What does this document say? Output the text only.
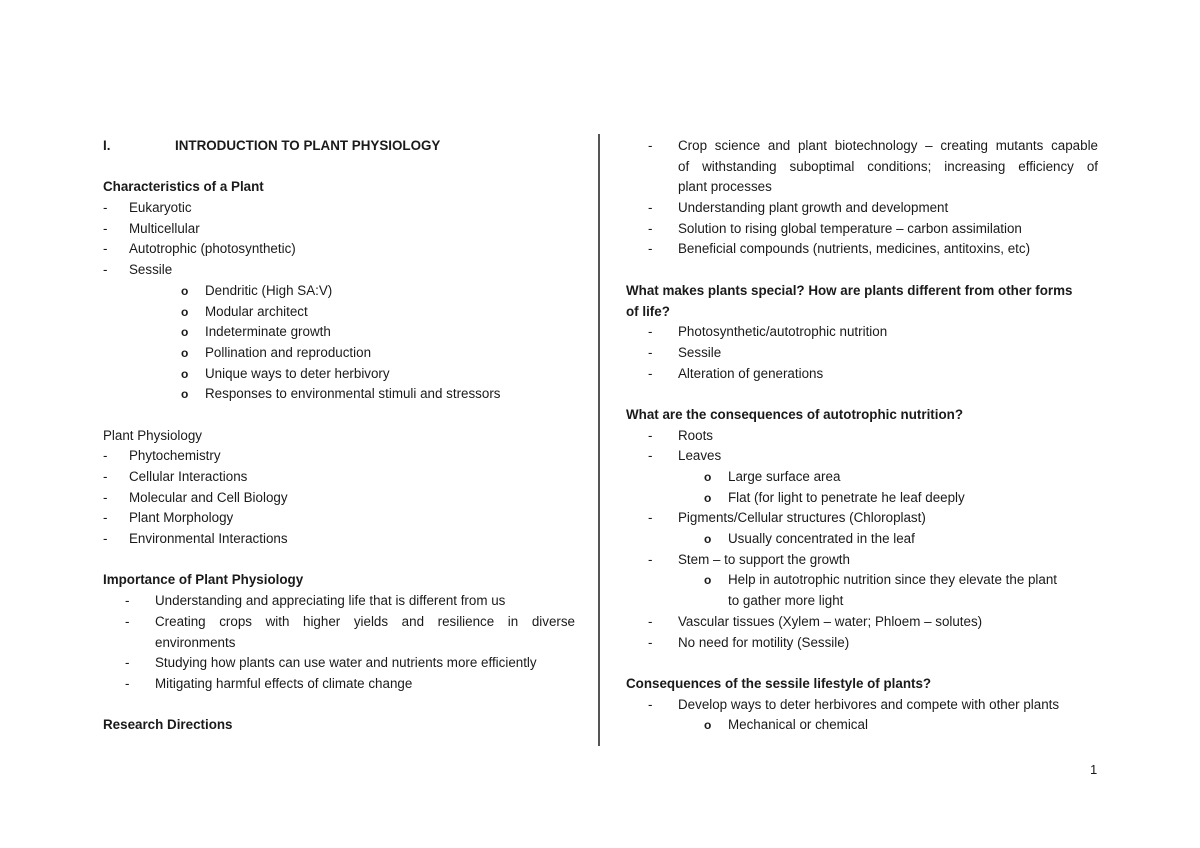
I.	INTRODUCTION TO PLANT PHYSIOLOGY
Characteristics of a Plant
-	Eukaryotic
-	Multicellular
-	Autotrophic (photosynthetic)
-	Sessile
o Dendritic (High SA:V)
o Modular architect
o Indeterminate growth
o Pollination and reproduction
o Unique ways to deter herbivory
o Responses to environmental stimuli and stressors
Plant Physiology
-	Phytochemistry
-	Cellular Interactions
-	Molecular and Cell Biology
-	Plant Morphology
-	Environmental Interactions
Importance of Plant Physiology
- Understanding and appreciating life that is different from us
- Creating crops with higher yields and resilience in diverse
environments
- Studying how plants can use water and nutrients more efficiently
- Mitigating harmful effects of climate change
Research Directions
- Crop science and plant biotechnology – creating mutants capable
of withstanding suboptimal conditions; increasing efficiency of
plant processes
- Understanding plant growth and development
- Solution to rising global temperature – carbon assimilation
- Beneficial compounds (nutrients, medicines, antitoxins, etc)
What makes plants special? How are plants different from other forms
of life?
- Photosynthetic/autotrophic nutrition
- Sessile
- Alteration of generations
What are the consequences of autotrophic nutrition?
- Roots
- Leaves
o Large surface area
o Flat (for light to penetrate he leaf deeply
- Pigments/Cellular structures (Chloroplast)
o Usually concentrated in the leaf
- Stem – to support the growth
o Help in autotrophic nutrition since they elevate the plant
to gather more light
- Vascular tissues (Xylem – water; Phloem – solutes)
- No need for motility (Sessile)
Consequences of the sessile lifestyle of plants?
- Develop ways to deter herbivores and compete with other plants
o Mechanical or chemical
1
